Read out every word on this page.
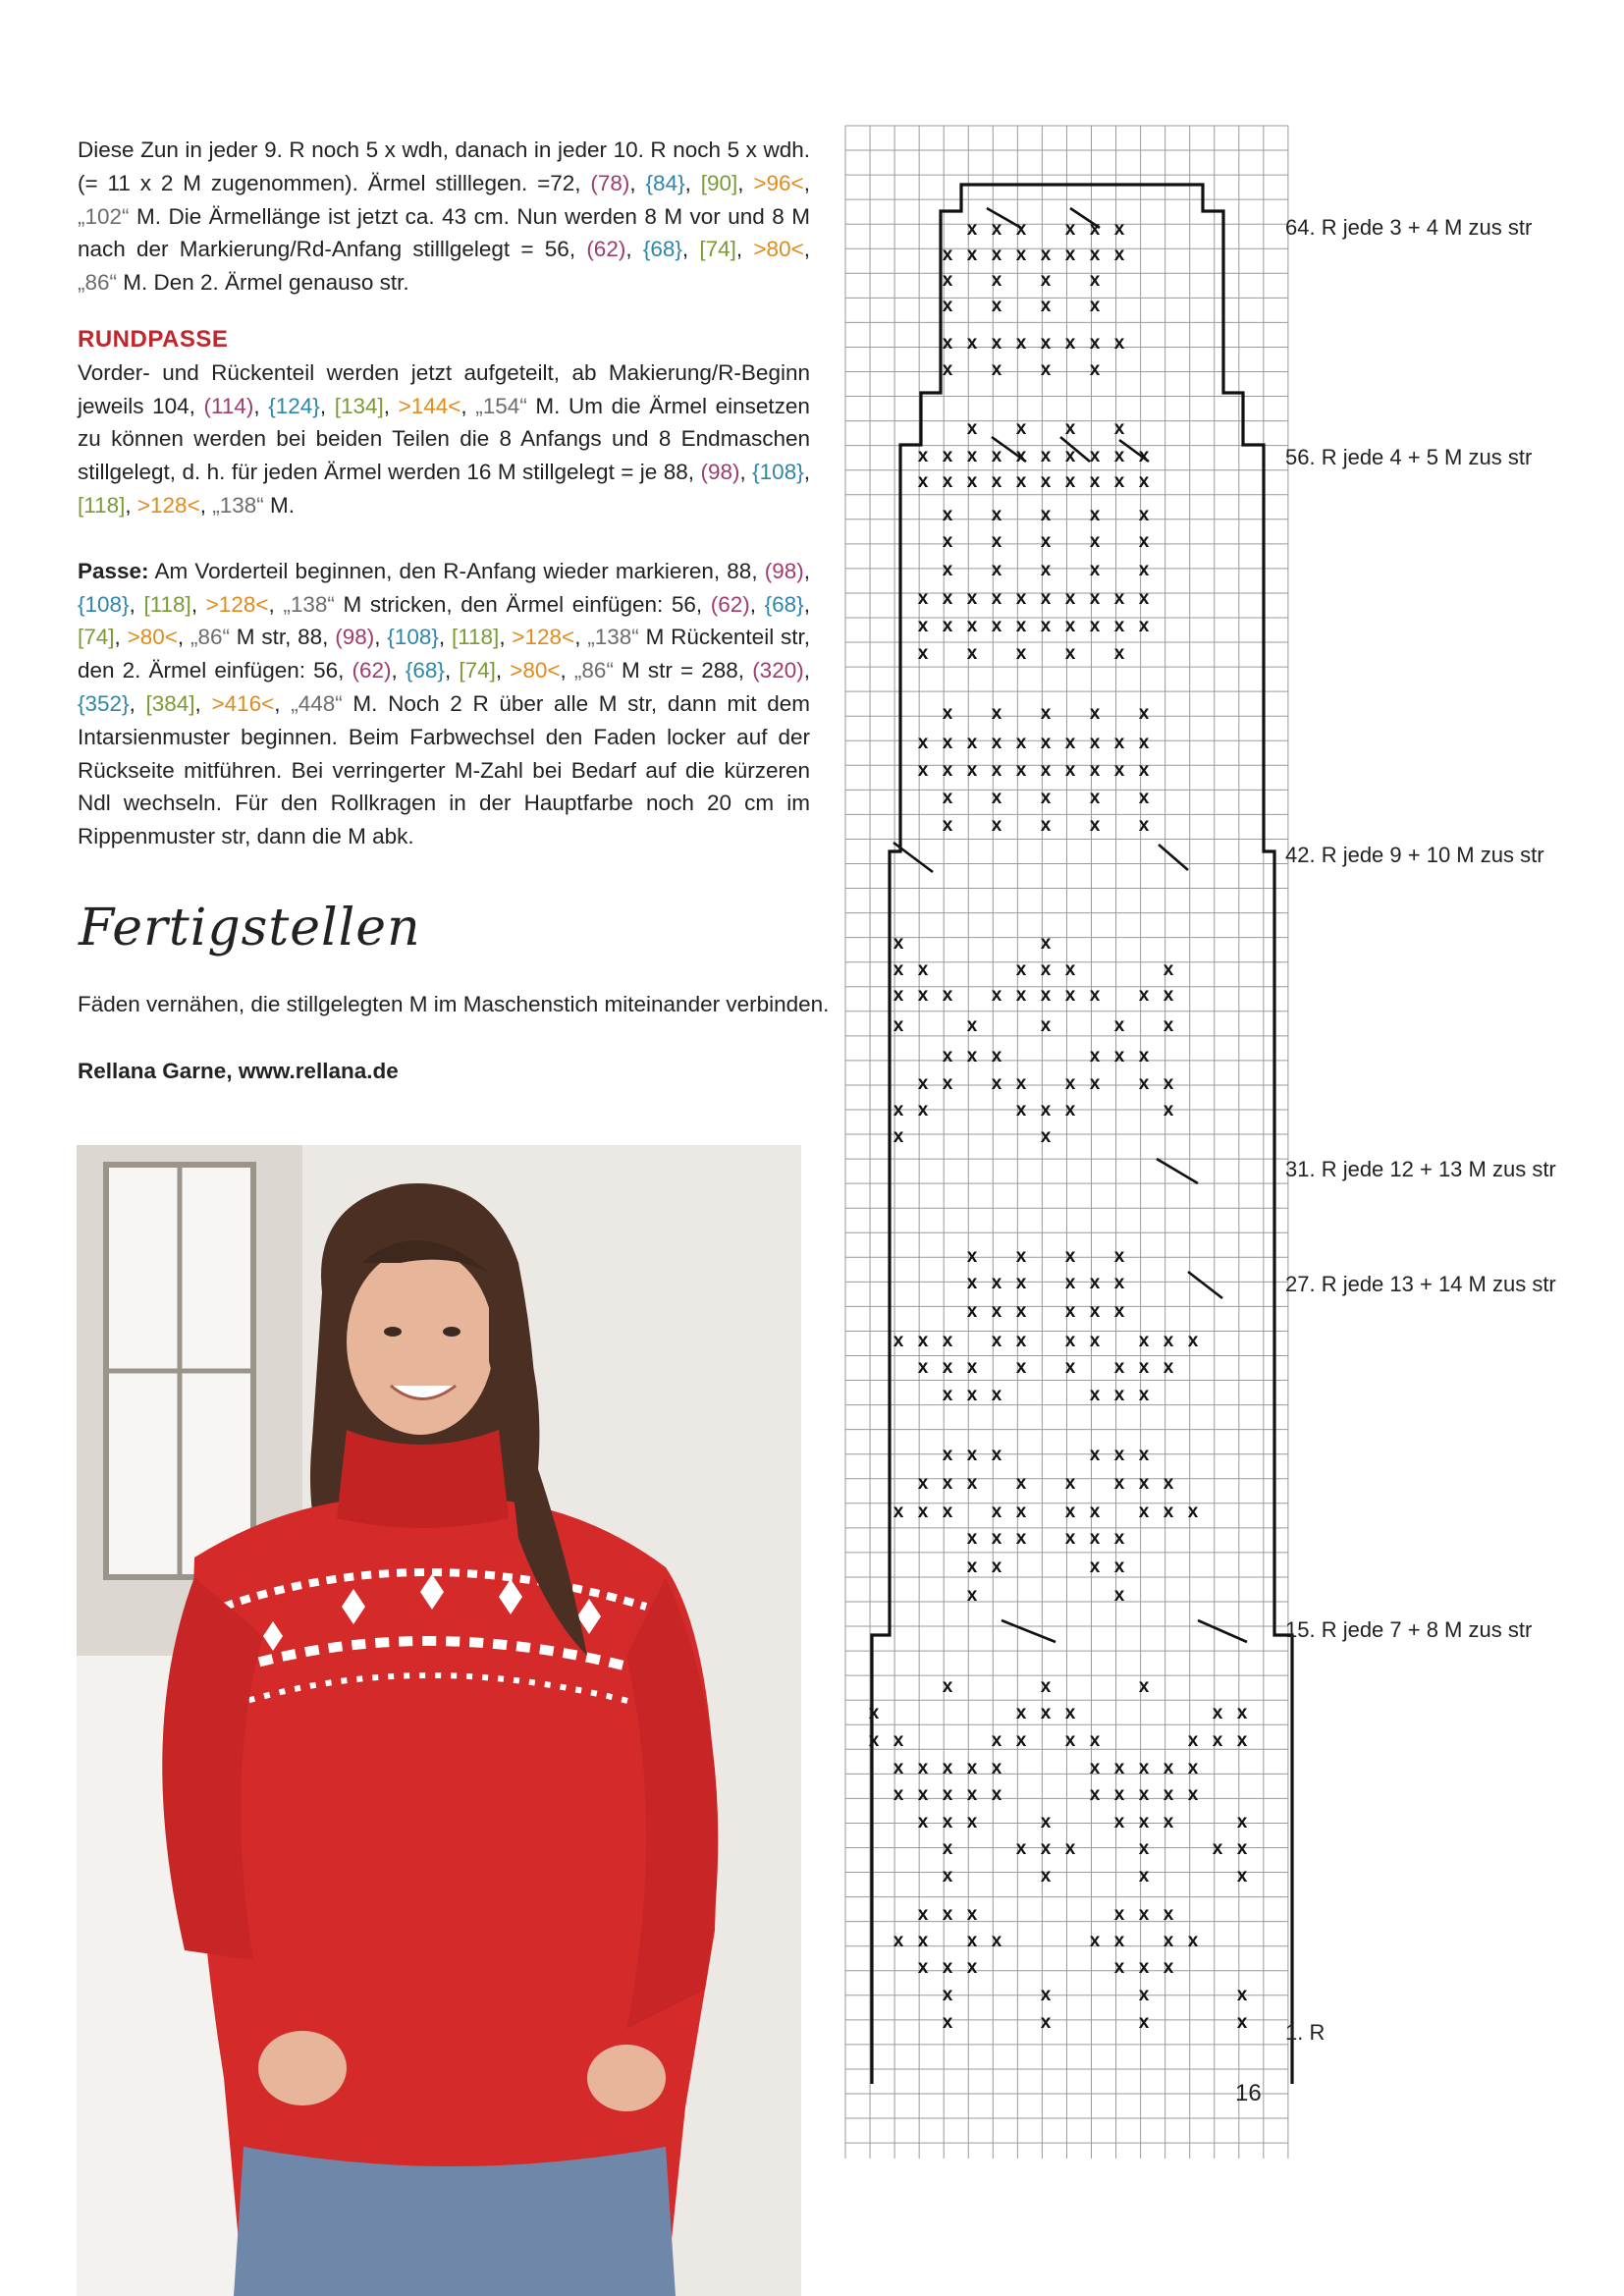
Diese Zun in jeder 9. R noch 5 x wdh, danach in jeder 10. R noch 5 x wdh. (= 11 x 2 M zugenommen). Ärmel stilllegen. =72, (78), {84}, [90], >96<, „102“ M. Die Ärmellänge ist jetzt ca. 43 cm. Nun werden 8 M vor und 8 M nach der Markierung/Rd-Anfang stilllgelegt = 56, (62), {68}, [74], >80<, „86“ M. Den 2. Ärmel genauso str.

RUNDPASSE

Vorder- und Rückenteil werden jetzt aufgeteilt, ab Makierung/R-Beginn jeweils 104, (114), {124}, [134], >144<, „154“ M. Um die Ärmel einsetzen zu können werden bei beiden Teilen die 8 Anfangs und 8 Endmaschen stillgelegt, d. h. für jeden Ärmel werden 16 M stillgelegt = je 88, (98), {108}, [118], >128<, „138“ M.

Passe: Am Vorderteil beginnen, den R-Anfang wieder markieren, 88, (98), {108}, [118], >128<, „138“ M stricken, den Ärmel einfügen: 56, (62), {68}, [74], >80<, „86“ M str, 88, (98), {108}, [118], >128<, „138“ M Rückenteil str, den 2. Ärmel einfügen: 56, (62), {68}, [74], >80<, „86“ M str = 288, (320), {352}, [384], >416<, „448“ M. Noch 2 R über alle M str, dann mit dem Intarsienmuster beginnen. Beim Farbwechsel den Faden locker auf der Rückseite mitführen. Bei verringerter M-Zahl bei Bedarf auf die kürzeren Ndl wechseln. Für den Rollkragen in der Hauptfarbe noch 20 cm im Rippenmuster str, dann die M abk.

Fertigstellen
Fäden vernähen, die stillgelegten M im Maschenstich miteinander verbinden.
Rellana Garne, www.rellana.de
x x x x x x
x x x x x x x x
x x x x
x x x x
x x x x x x x x
x x x x
x x x x
x x x x x x x x x x
x x x x x x x x x x
x x x x x
x x x x x
x x x x x
x x x x x x x x x x
x x x x x x x x x x
x x x x x
x x x x x
x x x x x x x x x x
x x x x x x x x x x
x x x x x
x x x x x
x	x
x x	x x x	x
x x x x x x x x x x
x	x	x	x x
x x x	x x x
x x x x x x x x
x x	x x x	x
x	x
x x x x
x x x x x x
x x x x x x
x x x x x x x x x x
x x x x x x x x
x x x	x x x
x x x	x x x
x x x x x x x x
x x x x x x x x x x
x x x x x x
x x	x x
x	x
x	x	x
x	x x x	x x
x x	x x x x	x x x
x x x x x	x x x x x
x x x x x	x x x x x
x x x	x	x x x	x
x	x x x	x	x x
x	x	x	x
x x x	x x x
x x x x	x x x x
x x x	x x x
x	x	x	x
x	x	x	x
64. R jede 3 + 4 M zus str
56. R jede 4 + 5 M zus str
42. R jede 9 + 10 M zus str
31. R jede 12 + 13 M zus str
27. R jede 13 + 14 M zus str
15. R jede 7 + 8 M zus str
1. R
16
